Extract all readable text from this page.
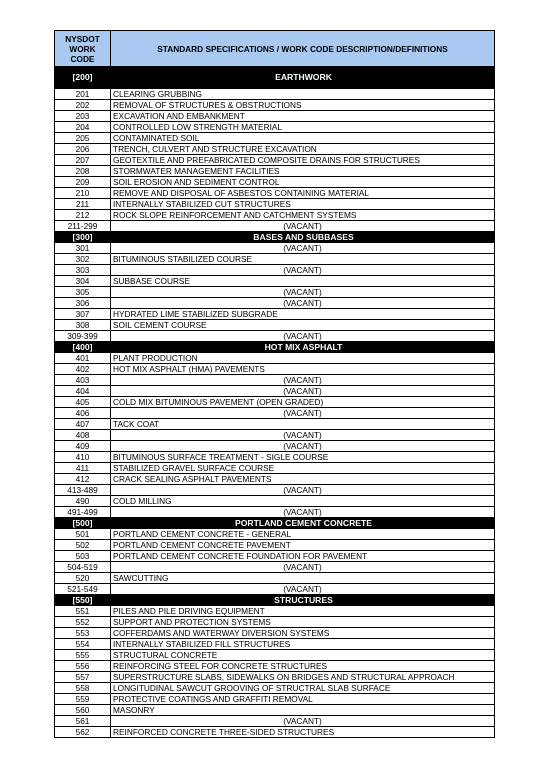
NYSDOT
WORK
CODE	STANDARD SPECIFICATIONS / WORK CODE DESCRIPTION/DEFINITIONS
[200]	EARTHWORK
201	CLEARING GRUBBING
202	REMOVAL OF STRUCTURES & OBSTRUCTIONS
203	EXCAVATION AND EMBANKMENT
204	CONTROLLED LOW STRENGTH MATERIAL
205	CONTAMINATED SOIL
206	TRENCH, CULVERT AND STRUCTURE EXCAVATION
207	GEOTEXTILE AND PREFABRICATED COMPOSITE DRAINS FOR STRUCTURES
208	STORMWATER MANAGEMENT FACILITIES
209	SOIL EROSION AND SEDIMENT CONTROL
210	REMOVE AND DISPOSAL OF ASBESTOS CONTAINING MATERIAL
211	INTERNALLY STABILIZED CUT STRUCTURES
212	ROCK SLOPE REINFORCEMENT AND CATCHMENT SYSTEMS
211-299	(VACANT)
[300]	BASES AND SUBBASES
301	(VACANT)
302	BITUMINOUS STABILIZED COURSE
303	(VACANT)
304	SUBBASE COURSE
305	(VACANT)
306	(VACANT)
307	HYDRATED LIME STABILIZED SUBGRADE
308	SOIL CEMENT COURSE
309-399	(VACANT)
[400]	HOT MIX ASPHALT
401	PLANT PRODUCTION
402	HOT MIX ASPHALT (HMA) PAVEMENTS
403	(VACANT)
404	(VACANT)
405	COLD MIX BITUMINOUS PAVEMENT (OPEN GRADED)
406	(VACANT)
407	TACK COAT
408	(VACANT)
409	(VACANT)
410	BITUMINOUS SURFACE TREATMENT - SIGLE COURSE
411	STABILIZED GRAVEL SURFACE COURSE
412	CRACK SEALING ASPHALT PAVEMENTS
413-489	(VACANT)
490	COLD MILLING
491-499	(VACANT)
[500]	PORTLAND CEMENT CONCRETE
501	PORTLAND CEMENT CONCRETE - GENERAL
502	PORTLAND CEMENT CONCRETE PAVEMENT
503	PORTLAND CEMENT CONCRETE FOUNDATION FOR PAVEMENT
504-519	(VACANT)
520	SAWCUTTING
521-549	(VACANT)
[550]	STRUCTURES
551	PILES AND PILE DRIVING EQUIPMENT
552	SUPPORT AND PROTECTION SYSTEMS
553	COFFERDAMS AND WATERWAY DIVERSION SYSTEMS
554	INTERNALLY STABILIZED FILL STRUCTURES
555	STRUCTURAL CONCRETE
556	REINFORCING STEEL FOR CONCRETE STRUCTURES
557	SUPERSTRUCTURE SLABS, SIDEWALKS ON BRIDGES AND STRUCTURAL APPROACH
558	LONGITUDINAL SAWCUT GROOVING OF STRUCTRAL SLAB SURFACE
559	PROTECTIVE COATINGS AND GRAFFITI REMOVAL
560	MASONRY
561	(VACANT)
562	REINFORCED CONCRETE THREE-SIDED STRUCTURES
